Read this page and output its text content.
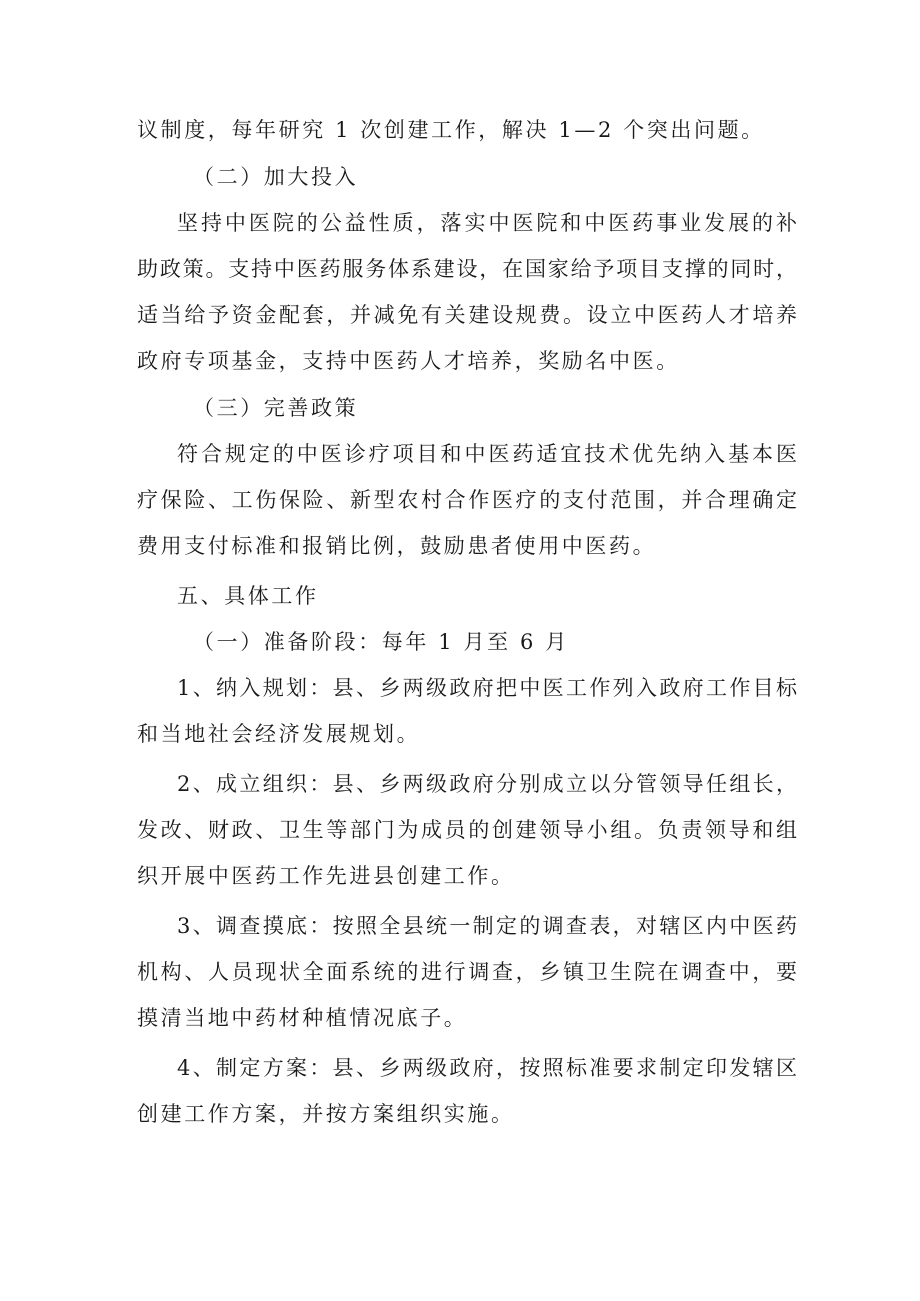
议制度，每年研究 1 次创建工作，解决 1—2 个突出问题。
（二）加大投入
坚持中医院的公益性质，落实中医院和中医药事业发展的补
助政策。支持中医药服务体系建设，在国家给予项目支撑的同时，
适当给予资金配套，并减免有关建设规费。设立中医药人才培养
政府专项基金，支持中医药人才培养，奖励名中医。
（三）完善政策
符合规定的中医诊疗项目和中医药适宜技术优先纳入基本医
疗保险、工伤保险、新型农村合作医疗的支付范围，并合理确定
费用支付标准和报销比例，鼓励患者使用中医药。
五、具体工作
（一）准备阶段：每年 1 月至 6 月
1、纳入规划：县、乡两级政府把中医工作列入政府工作目标
和当地社会经济发展规划。
2、成立组织：县、乡两级政府分别成立以分管领导任组长，
发改、财政、卫生等部门为成员的创建领导小组。负责领导和组
织开展中医药工作先进县创建工作。
3、调查摸底：按照全县统一制定的调查表，对辖区内中医药
机构、人员现状全面系统的进行调查，乡镇卫生院在调查中，要
摸清当地中药材种植情况底子。
4、制定方案：县、乡两级政府，按照标准要求制定印发辖区
创建工作方案，并按方案组织实施。
